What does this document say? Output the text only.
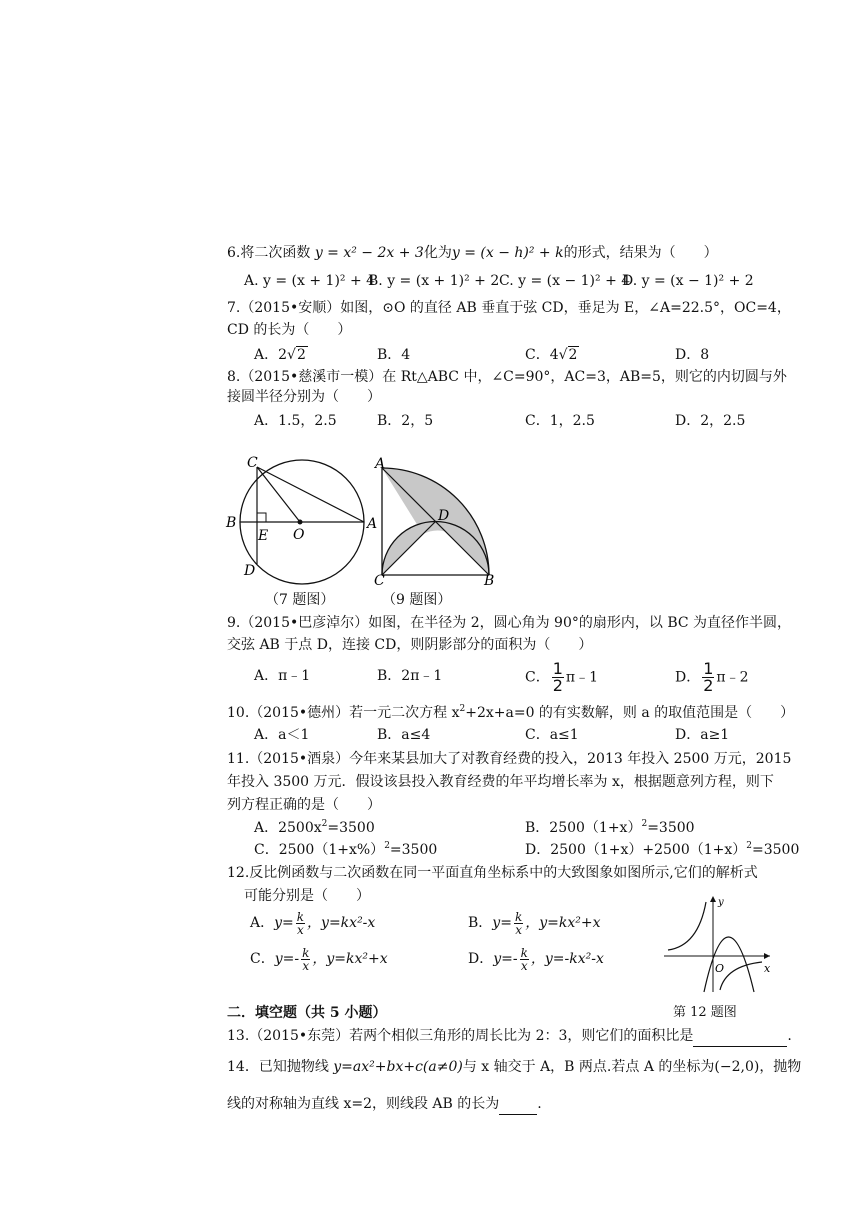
6.将二次函数 y = x² − 2x + 3化为y = (x − h)² + k的形式，结果为（　　）
A. y = (x + 1)² + 4
B. y = (x + 1)² + 2 C. y = (x − 1)² + 4
D. y = (x − 1)² + 2
7.（2015•安顺）如图，⊙O 的直径 AB 垂直于弦 CD，垂足为 E，∠A=22.5°，OC=4，
CD 的长为（　　）
A．2√2	B．4	C．4√2	D．8
8.（2015•慈溪市一模）在 Rt△ABC 中，∠C=90°，AC=3，AB=5，则它的内切圆与外
接圆半径分别为（　　）
A．1.5，2.5	B．2，5	C．1，2.5	D．2，2.5
C
B
E O
A
D
（7 题图）
A
D
C	B
（9 题图）
9.（2015•巴彦淖尔）如图，在半径为 2，圆心角为 90°的扇形内，以 BC 为直径作半圆，
交弦 AB 于点 D，连接 CD，则阴影部分的面积为（　　）
A．π﹣1	B．2π﹣1	C． $\frac{1}{2}$ π﹣1	D． $\frac{1}{2}$ π﹣2
10.（2015•德州）若一元二次方程 $x^2+2x+a=0$ 的有实数解，则 a 的取值范围是（　　）
A．a＜1	B．a≤4	C．a≤1	D．a≥1
11.（2015•酒泉）今年来某县加大了对教育经费的投入，2013 年投入 2500 万元，2015
年投入 3500 万元．假设该县投入教育经费的年平均增长率为 x，根据题意列方程，则下
列方程正确的是（　　）
A．$2500x^2=3500$	B．$2500(1+x)^2=3500$
C．$2500(1+x\%)^2=3500$	D．$2500(1+x)+2500(1+x)^2=3500$
12.反比例函数与二次函数在同一平面直角坐标系中的大致图象如图所示,它们的解析式
可能分别是（　　）
A．$y= \frac{k}{x}$ ，y=kx²-x	B．$y= \frac{k}{x}$ ，y=kx²+x
C．$y=- \frac{k}{x}$ ，y=kx²+x	D．$y=- \frac{k}{x}$ ，y=-kx²-x
y
x
O
第 12 题图
二．填空题（共 5 小题）
13.（2015•东莞）若两个相似三角形的周长比为 2：3，则它们的面积比是	.
14．已知抛物线 y=ax²+bx+c(a≠0)与 x 轴交于 A，B 两点.若点 A 的坐标为(−2,0)，抛物
线的对称轴为直线 x=2，则线段 AB 的长为	.
